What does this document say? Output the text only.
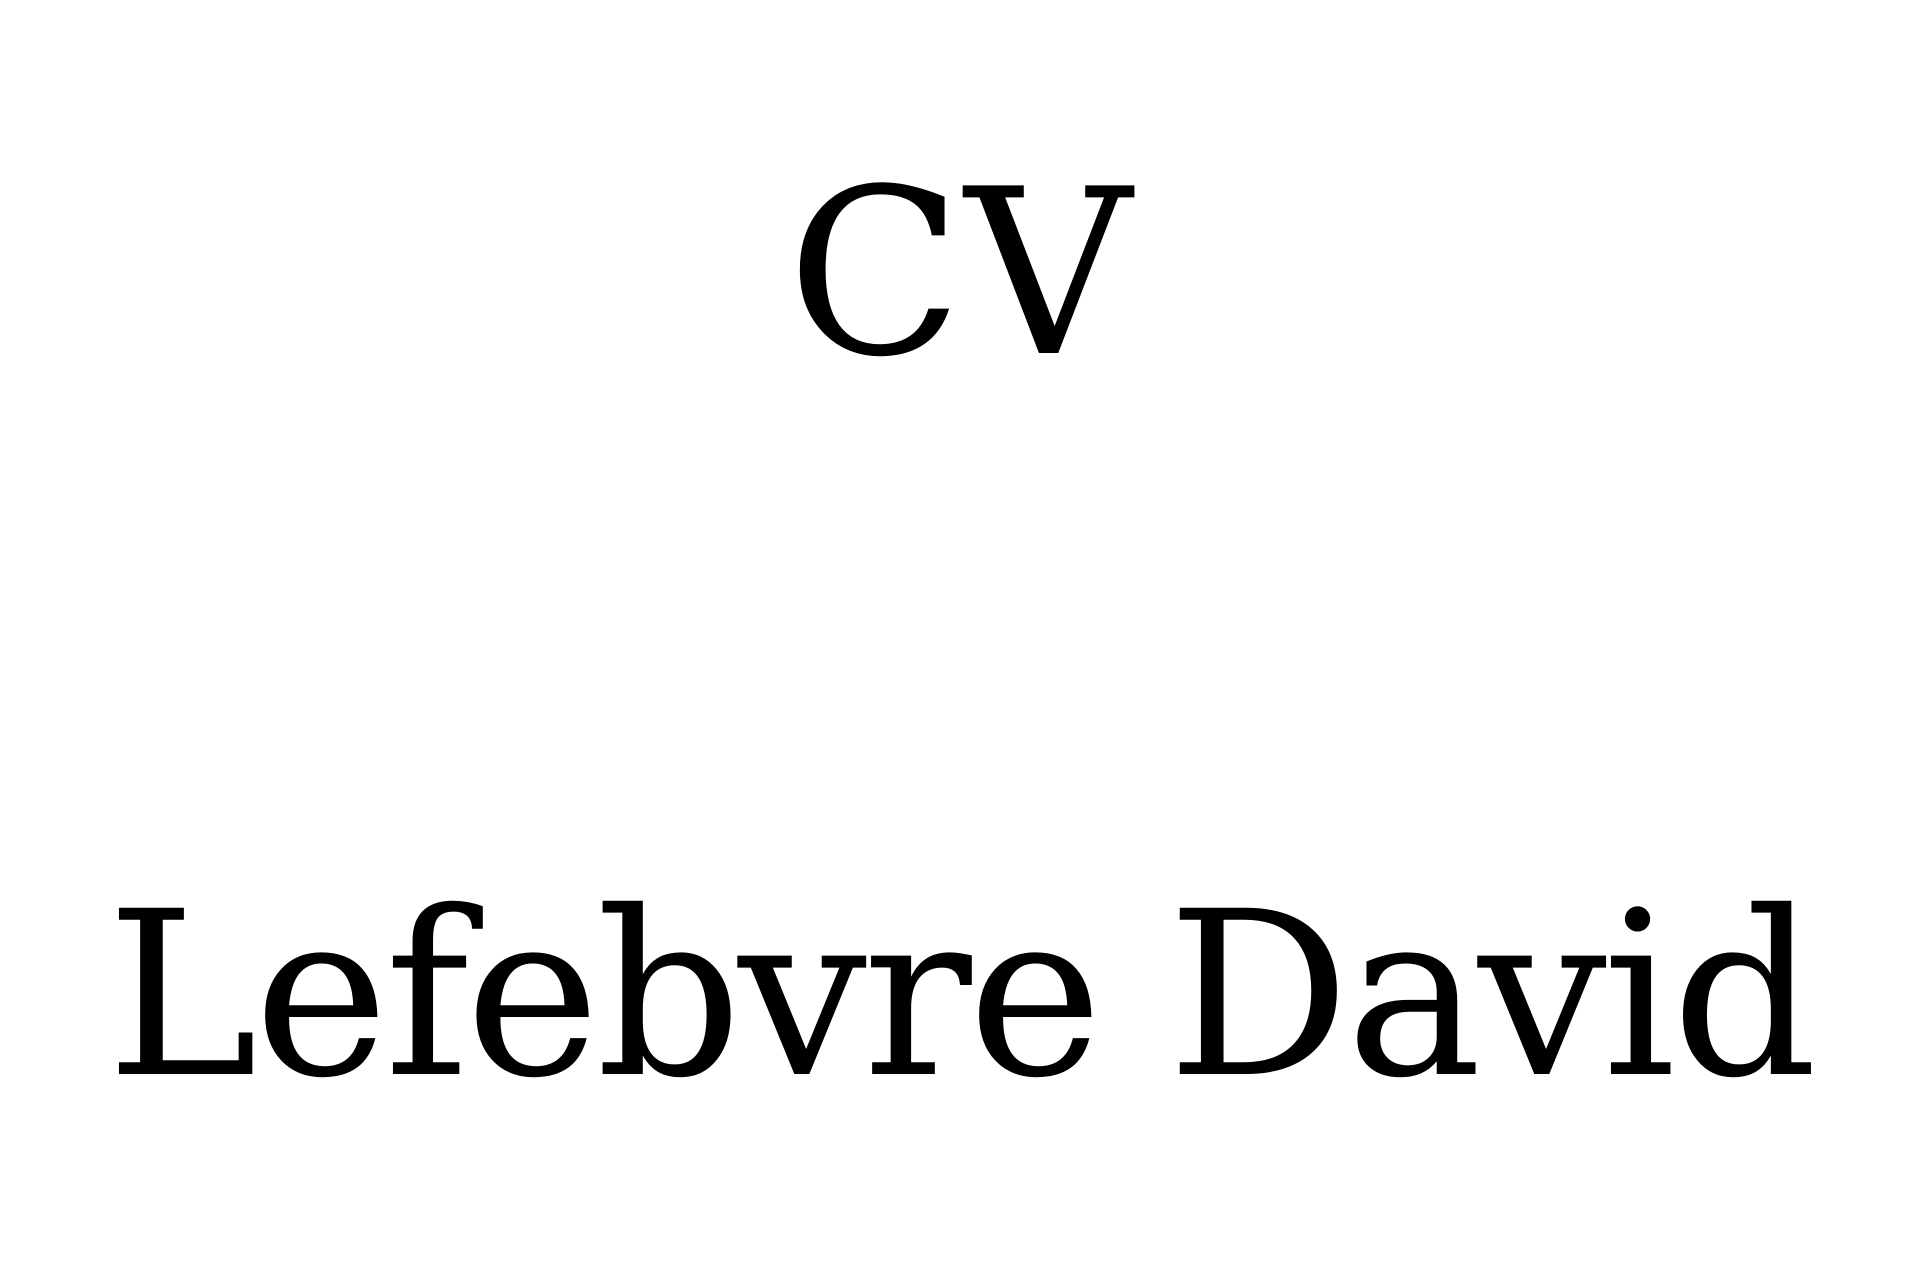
CV
Lefebvre David
